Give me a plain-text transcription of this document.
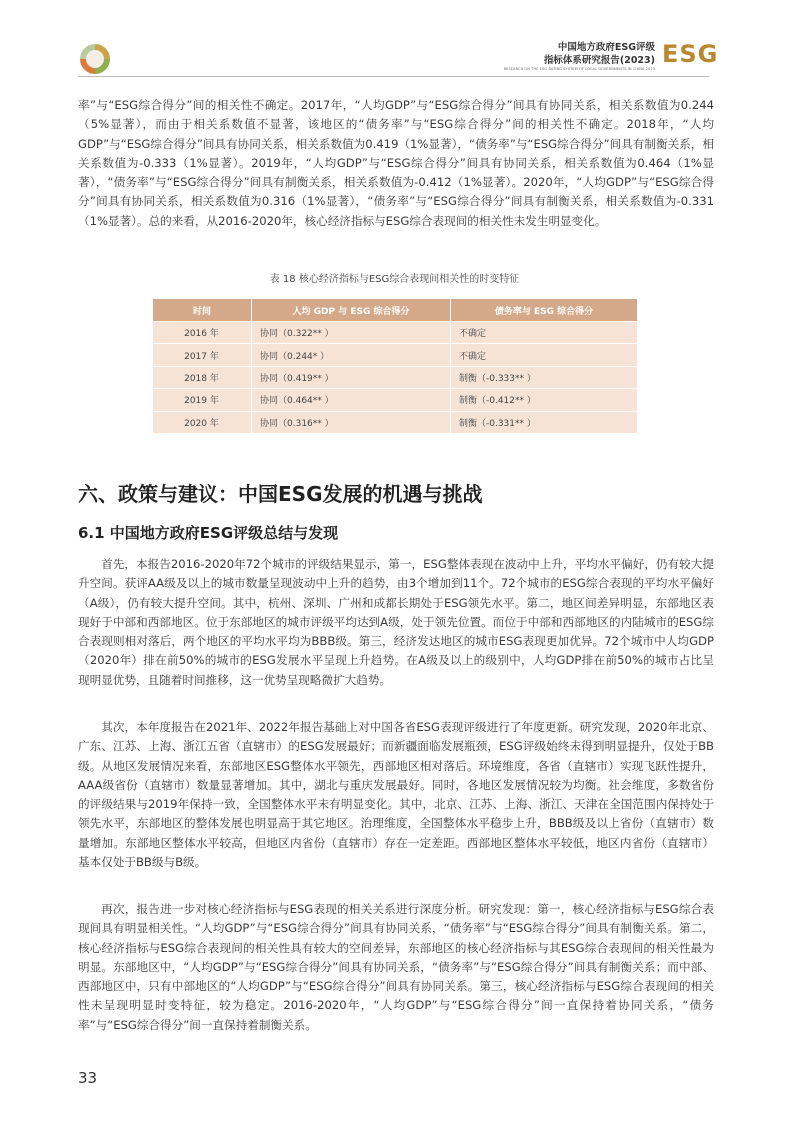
中国地方政府ESG评级
指标体系研究报告(2023)
RESEARCH ON THE ESG RATING SYSTEM OF LOCAL GOVERNMENTS IN CHINA 2023
ESG
率”与“ESG综合得分”间的相关性不确定。2017年，“人均GDP”与“ESG综合得分”间具有协同关系，相关系数值为0.244（5%显著），而由于相关系数值不显著，该地区的“债务率”与“ESG综合得分”间的相关性不确定。2018年，“人均GDP”与“ESG综合得分”间具有协同关系，相关系数值为0.419（1%显著），“债务率”与“ESG综合得分”间具有制衡关系，相关系数值为-0.333（1%显著）。2019年，“人均GDP”与“ESG综合得分”间具有协同关系，相关系数值为0.464（1%显著），“债务率”与“ESG综合得分”间具有制衡关系，相关系数值为-0.412（1%显著）。2020年，“人均GDP”与“ESG综合得分”间具有协同关系，相关系数值为0.316（1%显著），“债务率”与“ESG综合得分”间具有制衡关系，相关系数值为-0.331（1%显著）。总的来看，从2016-2020年，核心经济指标与ESG综合表现间的相关性未发生明显变化。
表 18 核心经济指标与ESG综合表现间相关性的时变特征
时间	人均 GDP 与 ESG 综合得分	债务率与 ESG 综合得分
2016 年	协同（0.322** ）	不确定
2017 年	协同（0.244* ）	不确定
2018 年	协同（0.419** ）	制衡（-0.333** ）
2019 年	协同（0.464** ）	制衡（-0.412** ）
2020 年	协同（0.316** ）	制衡（-0.331** ）
六、政策与建议：中国ESG发展的机遇与挑战
6.1 中国地方政府ESG评级总结与发现
首先，本报告2016-2020年72个城市的评级结果显示，第一，ESG整体表现在波动中上升，平均水平偏好，仍有较大提升空间。获评AA级及以上的城市数量呈现波动中上升的趋势，由3个增加到11个。72个城市的ESG综合表现的平均水平偏好（A级），仍有较大提升空间。其中，杭州、深圳、广州和成都长期处于ESG领先水平。第二，地区间差异明显，东部地区表现好于中部和西部地区。位于东部地区的城市评级平均达到A级，处于领先位置。而位于中部和西部地区的内陆城市的ESG综合表现则相对落后，两个地区的平均水平均为BBB级。第三，经济发达地区的城市ESG表现更加优异。72个城市中人均GDP（2020年）排在前50%的城市的ESG发展水平呈现上升趋势。在A级及以上的级别中，人均GDP排在前50%的城市占比呈现明显优势，且随着时间推移，这一优势呈现略微扩大趋势。
其次，本年度报告在2021年、2022年报告基础上对中国各省ESG表现评级进行了年度更新。研究发现，2020年北京、广东、江苏、上海、浙江五省（直辖市）的ESG发展最好；而新疆面临发展瓶颈，ESG评级始终未得到明显提升，仅处于BB级。从地区发展情况来看，东部地区ESG整体水平领先，西部地区相对落后。环境维度，各省（直辖市）实现飞跃性提升，AAA级省份（直辖市）数量显著增加。其中，湖北与重庆发展最好。同时，各地区发展情况较为均衡。社会维度，多数省份的评级结果与2019年保持一致，全国整体水平未有明显变化。其中，北京、江苏、上海、浙江、天津在全国范围内保持处于领先水平，东部地区的整体发展也明显高于其它地区。治理维度，全国整体水平稳步上升，BBB级及以上省份（直辖市）数量增加。东部地区整体水平较高，但地区内省份（直辖市）存在一定差距。西部地区整体水平较低，地区内省份（直辖市）基本仅处于BB级与B级。
再次，报告进一步对核心经济指标与ESG表现的相关关系进行深度分析。研究发现：第一，核心经济指标与ESG综合表现间具有明显相关性。“人均GDP”与“ESG综合得分”间具有协同关系，“债务率”与“ESG综合得分”间具有制衡关系。第二，核心经济指标与ESG综合表现间的相关性具有较大的空间差异，东部地区的核心经济指标与其ESG综合表现间的相关性最为明显。东部地区中，“人均GDP”与“ESG综合得分”间具有协同关系，“债务率”与“ESG综合得分”间具有制衡关系；而中部、西部地区中，只有中部地区的“人均GDP”与“ESG综合得分”间具有协同关系。第三，核心经济指标与ESG综合表现间的相关性未呈现明显时变特征，较为稳定。2016-2020年，“人均GDP”与“ESG综合得分”间一直保持着协同关系，“债务率”与“ESG综合得分”间一直保持着制衡关系。
33
